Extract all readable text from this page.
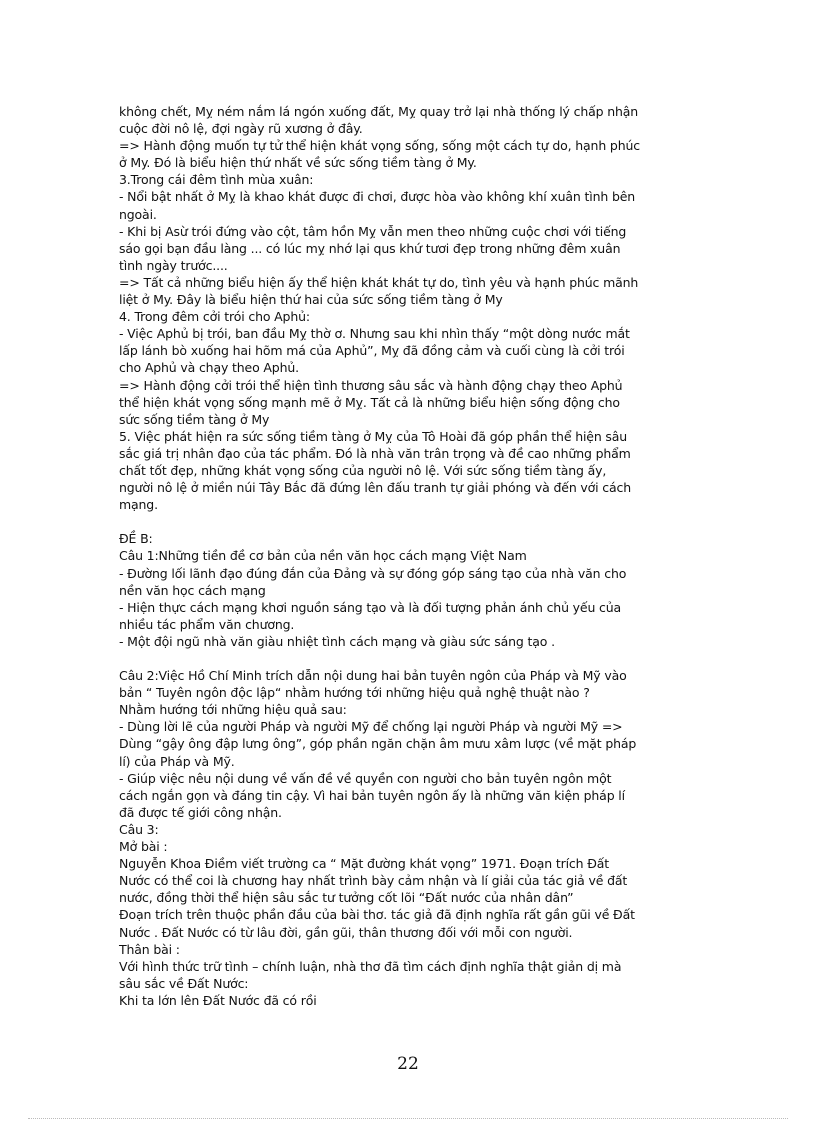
không chết, Mỵ ném nắm lá ngón xuống đất, Mỵ quay trở lại nhà thống lý chấp nhận
cuộc đời nô lệ, đợi ngày rũ xương ở đây.
=> Hành động muốn tự tử thể hiện khát vọng sống, sống một cách tự do, hạnh phúc
ở My. Đó là biểu hiện thứ nhất về sức sống tiềm tàng ở My.
3.Trong cái đêm tình mùa xuân:
- Nổi bật nhất ở Mỵ là khao khát được đi chơi, được hòa vào không khí xuân tình bên
ngoài.
- Khi bị Asừ trói đứng vào cột, tâm hồn Mỵ vẫn men theo những cuộc chơi với tiếng
sáo gọi bạn đầu làng ... có lúc mỵ nhớ lại qus khứ tươi đẹp trong những đêm xuân
tình ngày trước....
=> Tất cả những biểu hiện ấy thể hiện khát khát tự do, tình yêu và hạnh phúc mãnh
liệt ở My. Đây là biểu hiện thứ hai của sức sống tiềm tàng ở My
4. Trong đêm cởi trói cho Aphủ:
- Việc Aphủ bị trói, ban đầu Mỵ thờ ơ. Nhưng sau khi nhìn thấy “một dòng nước mắt
lấp lánh bò xuống hai hõm má của Aphủ”, Mỵ đã đồng cảm và cuối cùng là cởi trói
cho Aphủ và chạy theo Aphủ.
=> Hành động cởi trói thể hiện tình thương sâu sắc và hành động chạy theo Aphủ
thể hiện khát vọng sống mạnh mẽ ở Mỵ. Tất cả là những biểu hiện sống động cho
sức sống tiềm tàng ở My
5. Việc phát hiện ra sức sống tiềm tàng ở Mỵ của Tô Hoài đã góp phần thể hiện sâu
sắc giá trị nhân đạo của tác phẩm. Đó là nhà văn trân trọng và đề cao những phẩm
chất tốt đẹp, những khát vọng sống của người nô lệ. Với sức sống tiềm tàng ấy,
người nô lệ ở miền núi Tây Bắc đã đứng lên đấu tranh tự giải phóng và đến với cách
mạng.
ĐỀ B:
Câu 1:Những tiền đề cơ bản của nền văn học cách mạng Việt Nam
- Đường lối lãnh đạo đúng đắn của Đảng và sự đóng góp sáng tạo của nhà văn cho
nền văn học cách mạng
- Hiện thực cách mạng khơi nguồn sáng tạo và là đối tượng phản ánh chủ yếu của
nhiều tác phẩm văn chương.
- Một đội ngũ nhà văn giàu nhiệt tình cách mạng và giàu sức sáng tạo .
Câu 2:Việc Hồ Chí Minh trích dẫn nội dung hai bản tuyên ngôn của Pháp và Mỹ vào
bản “ Tuyên ngôn độc lập“ nhằm hướng tới những hiệu quả nghệ thuật nào ?
Nhằm hướng tới những hiệu quả sau:
- Dùng lời lẽ của người Pháp và người Mỹ để chống lại người Pháp và người Mỹ =>
Dùng “gậy ông đập lưng ông”, góp phần ngăn chặn âm mưu xâm lược (về mặt pháp
lí) của Pháp và Mỹ.
- Giúp việc nêu nội dung về vấn đề về quyền con người cho bản tuyên ngôn một
cách ngắn gọn và đáng tin cậy. Vì hai bản tuyên ngôn ấy là những văn kiện pháp lí
đã được tế giới công nhận.
Câu 3:
Mở bài :
Nguyễn Khoa Điềm viết trường ca “ Mặt đường khát vọng” 1971. Đoạn trích Đất
Nước có thể coi là chương hay nhất trình bày cảm nhận và lí giải của tác giả về đất
nước, đồng thời thể hiện sâu sắc tư tưởng cốt lõi “Đất nước của nhân dân”
Đoạn trích trên thuộc phần đầu của bài thơ. tác giả đã định nghĩa rất gần gũi về Đất
Nước . Đất Nước có từ lâu đời, gần gũi, thân thương đối với mỗi con người.
Thân bài :
Với hình thức trữ tình – chính luận, nhà thơ đã tìm cách định nghĩa thật giản dị mà
sâu sắc về Đất Nước:
Khi ta lớn lên Đất Nước đã có rồi
22
